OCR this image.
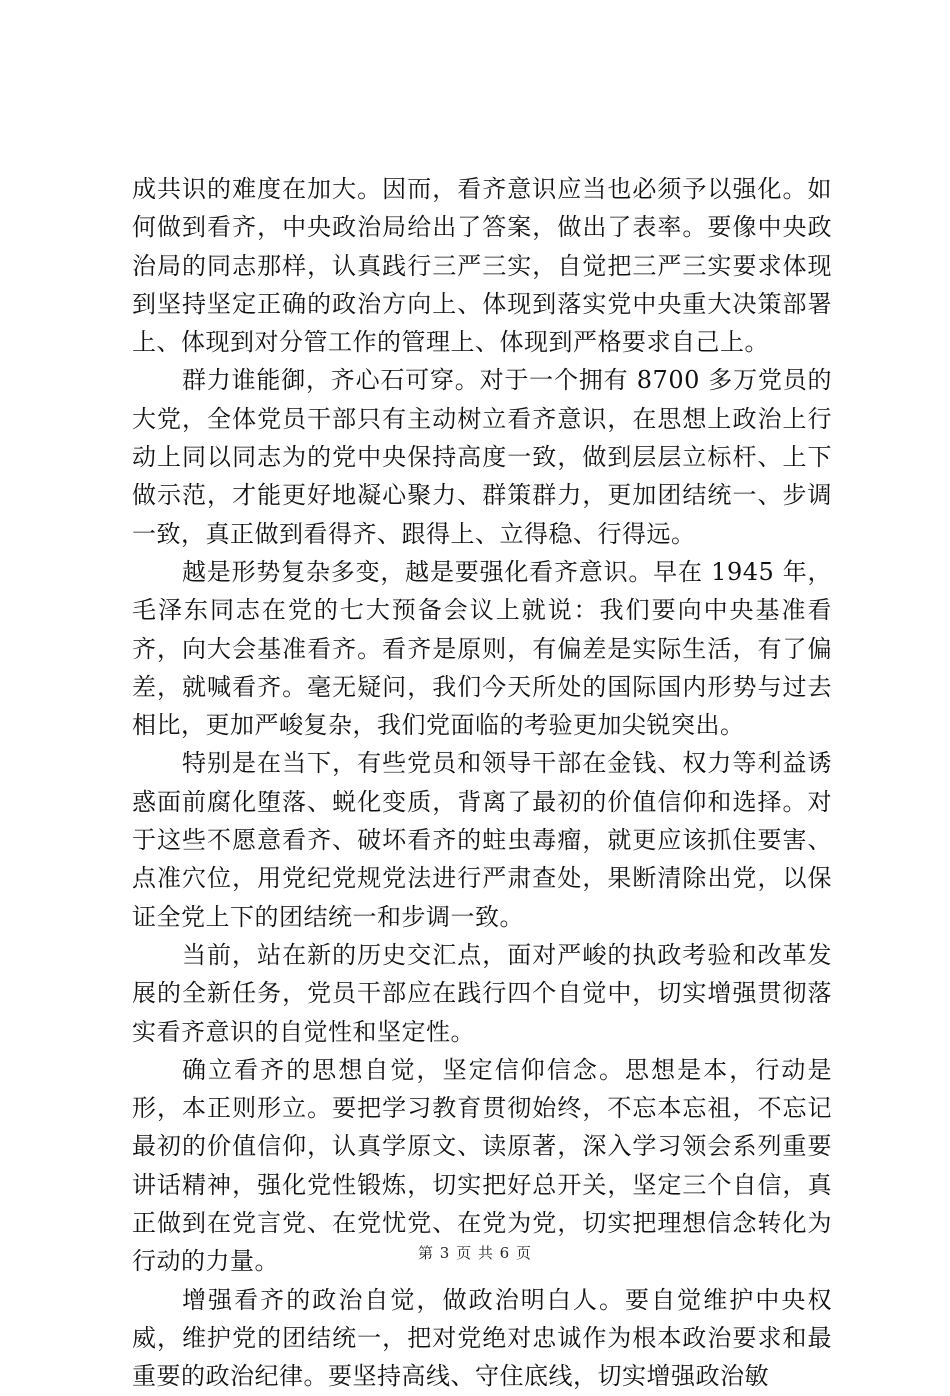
成共识的难度在加大。因而，看齐意识应当也必须予以强化。如何做到看齐，中央政治局给出了答案，做出了表率。要像中央政治局的同志那样，认真践行三严三实，自觉把三严三实要求体现到坚持坚定正确的政治方向上、体现到落实党中央重大决策部署上、体现到对分管工作的管理上、体现到严格要求自己上。

群力谁能御，齐心石可穿。对于一个拥有 8700 多万党员的大党，全体党员干部只有主动树立看齐意识，在思想上政治上行动上同以同志为的党中央保持高度一致，做到层层立标杆、上下做示范，才能更好地凝心聚力、群策群力，更加团结统一、步调一致，真正做到看得齐、跟得上、立得稳、行得远。

越是形势复杂多变，越是要强化看齐意识。早在 1945 年，毛泽东同志在党的七大预备会议上就说：我们要向中央基准看齐，向大会基准看齐。看齐是原则，有偏差是实际生活，有了偏差，就喊看齐。毫无疑问，我们今天所处的国际国内形势与过去相比，更加严峻复杂，我们党面临的考验更加尖锐突出。

特别是在当下，有些党员和领导干部在金钱、权力等利益诱惑面前腐化堕落、蜕化变质，背离了最初的价值信仰和选择。对于这些不愿意看齐、破坏看齐的蛀虫毒瘤，就更应该抓住要害、点准穴位，用党纪党规党法进行严肃查处，果断清除出党，以保证全党上下的团结统一和步调一致。

当前，站在新的历史交汇点，面对严峻的执政考验和改革发展的全新任务，党员干部应在践行四个自觉中，切实增强贯彻落实看齐意识的自觉性和坚定性。

确立看齐的思想自觉，坚定信仰信念。思想是本，行动是形，本正则形立。要把学习教育贯彻始终，不忘本忘祖，不忘记最初的价值信仰，认真学原文、读原著，深入学习领会系列重要讲话精神，强化党性锻炼，切实把好总开关，坚定三个自信，真正做到在党言党、在党忧党、在党为党，切实把理想信念转化为行动的力量。

增强看齐的政治自觉，做政治明白人。要自觉维护中央权威，维护党的团结统一，把对党绝对忠诚作为根本政治要求和最重要的政治纪律。要坚持高线、守住底线，切实增强政治敏

第 3 页 共 6 页
